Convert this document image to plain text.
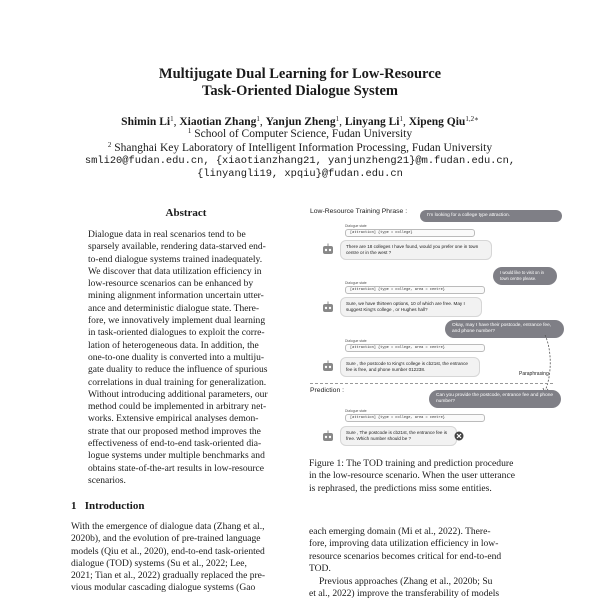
Multijugate Dual Learning for Low-Resource
Task-Oriented Dialogue System
Shimin Li$^1$, Xiaotian Zhang$^1$, Yanjun Zheng$^1$, Linyang Li$^1$, Xipeng Qiu$^{1,2∗}$
$^1$ School of Computer Science, Fudan University
$^2$ Shanghai Key Laboratory of Intelligent Information Processing, Fudan University
smli20@fudan.edu.cn, {xiaotianzhang21, yanjunzheng21}@m.fudan.edu.cn,
{linyangli19, xpqiu}@fudan.edu.cn
Abstract
Dialogue data in real scenarios tend to be
sparsely available, rendering data-starved end-
to-end dialogue systems trained inadequately.
We discover that data utilization efficiency in
low-resource scenarios can be enhanced by
mining alignment information uncertain utter-
ance and deterministic dialogue state. There-
fore, we innovatively implement dual learning
in task-oriented dialogues to exploit the corre-
lation of heterogeneous data. In addition, the
one-to-one duality is converted into a multiju-
gate duality to reduce the influence of spurious
correlations in dual training for generalization.
Without introducing additional parameters, our
method could be implemented in arbitrary net-
works. Extensive empirical analyses demon-
strate that our proposed method improves the
effectiveness of end-to-end task-oriented dia-
logue systems under multiple benchmarks and
obtains state-of-the-art results in low-resource
scenarios.
1 Introduction
With the emergence of dialogue data (Zhang et al.,
2020b), and the evolution of pre-trained language
models (Qiu et al., 2020), end-to-end task-oriented
dialogue (TOD) systems (Su et al., 2022; Lee,
2021; Tian et al., 2022) gradually replaced the pre-
vious modular cascading dialogue systems (Gao
each emerging domain (Mi et al., 2022). There-
fore, improving data utilization efficiency in low-
resource scenarios becomes critical for end-to-end
TOD.
Previous approaches (Zhang et al., 2020b; Su
et al., 2022) improve the transferability of models
Low-Resource Training Phrase :
I'm looking for a college type attraction.
Dialogue state
[attraction] {type = college}
There are 18 colleges I have found, would you prefer one in town centre or in the west ?
I would like to visit on in town centre please.
Dialogue state
[attraction] {type = college, area = centre}
Sure, we have thirteen options, 10 of which are free. May I suggest King's college , or Hughes hall?
Okay, may I have their postcode, entrance fee, and phone number?
Dialogue state
[attraction] {type = college, area = centre}
Sure , the postcode to King's college is cb21st, the entrance fee is free, and phone number 012238.
Paraphrasing
Prediction :
Can you provide the postcode, entrance fee and phone number?
Dialogue state
[attraction] {type = college, area = centre}
Sure , The postcode is cb21st, the entrance fee is free. Which number should be ?
Figure 1: The TOD training and prediction procedure
in the low-resource scenario. When the user utterance
is rephrased, the predictions miss some entities.
